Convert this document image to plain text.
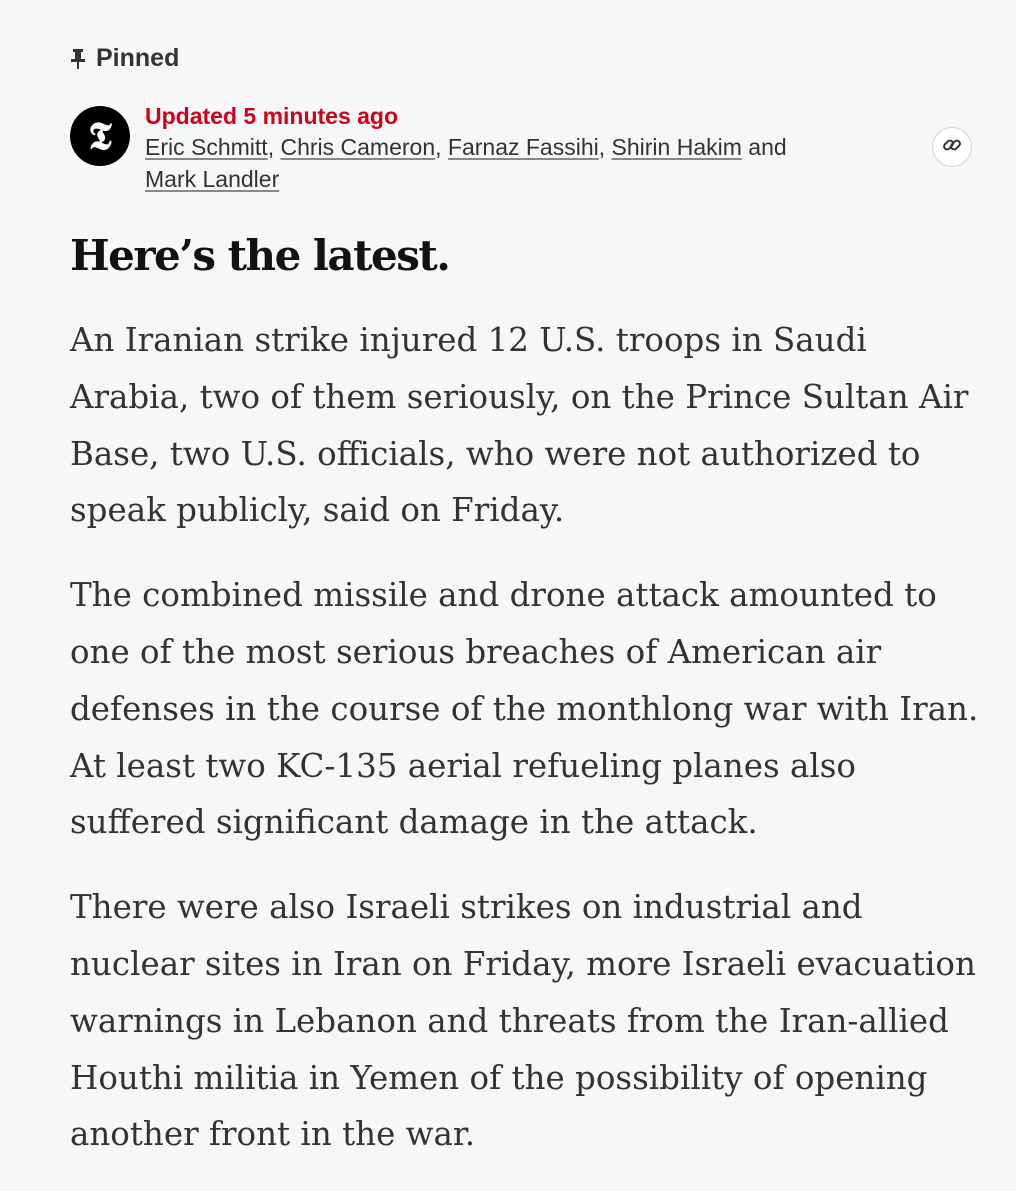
Pinned
𝕿	Updated 5 minutes ago
Eric Schmitt, Chris Cameron, Farnaz Fassihi, Shirin Hakim and
Mark Landler
Here’s the latest.

An Iranian strike injured 12 U.S. troops in Saudi Arabia, two of them seriously, on the Prince Sultan Air Base, two U.S. officials, who were not authorized to speak publicly, said on Friday.

The combined missile and drone attack amounted to one of the most serious breaches of American air defenses in the course of the monthlong war with Iran. At least two KC-135 aerial refueling planes also suffered significant damage in the attack.

There were also Israeli strikes on industrial and nuclear sites in Iran on Friday, more Israeli evacuation warnings in Lebanon and threats from the Iran-allied Houthi militia in Yemen of the possibility of opening another front in the war.
